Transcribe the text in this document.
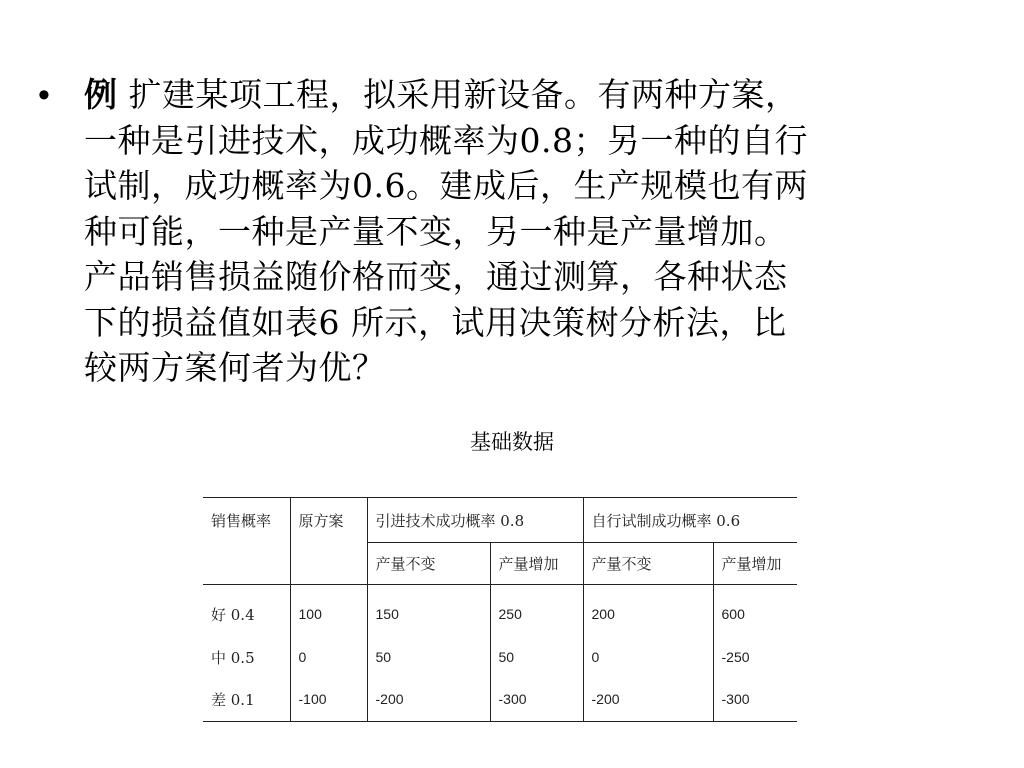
• 例 扩建某项工程，拟采用新设备。有两种方案，
一种是引进技术，成功概率为0.8；另一种的自行
试制，成功概率为0.6。建成后，生产规模也有两
种可能，一种是产量不变，另一种是产量增加。
产品销售损益随价格而变，通过测算，各种状态
下的损益值如表6 所示，试用决策树分析法，比
较两方案何者为优？
基础数据
销售概率	原方案	引进技术成功概率 0.8		自行试制成功概率 0.6	
		产量不变	产量增加	产量不变	产量增加
好 0.4	100	150	250	200	600
中 0.5	0	50	50	0	-250
差 0.1	-100	-200	-300	-200	-300
